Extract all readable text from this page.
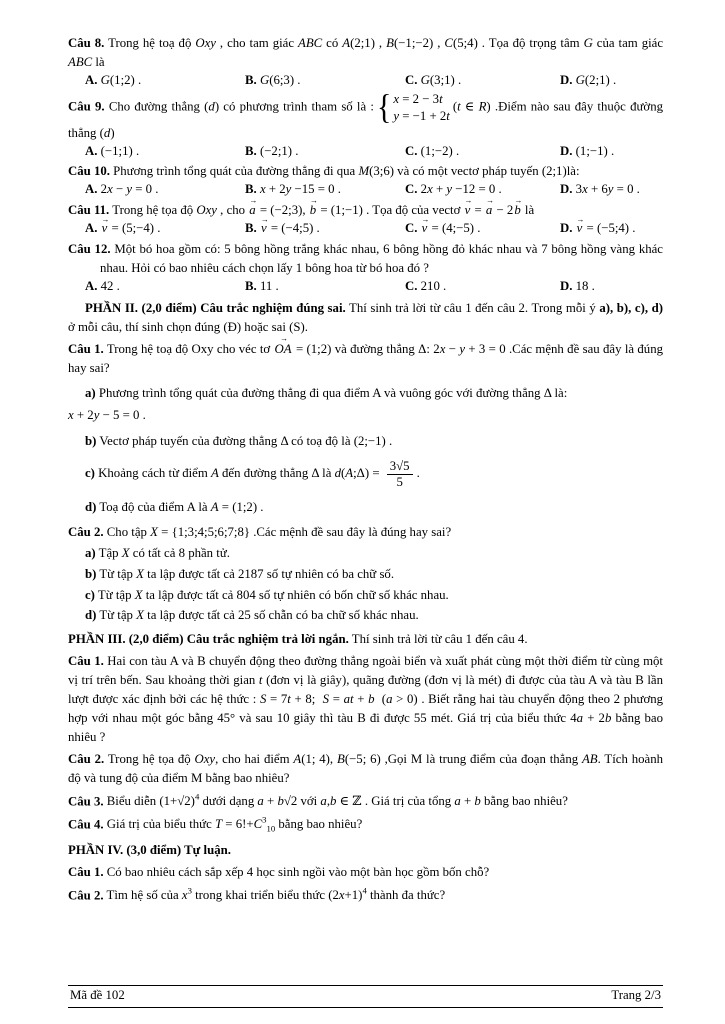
Câu 8. Trong hệ toạ độ Oxy , cho tam giác ABC có A(2;1) , B(−1;−2) , C(5;4) . Tọa độ trọng tâm G của tam giác ABC là

A. G(1;2) .	B. G(6;3) .	C. G(3;1) .	D. G(2;1) .

Câu 9. Cho đường thẳng (d) có phương trình tham số là : { x = 2 − 3t
y = −1 + 2t
(t ∈ R) .Điểm nào sau đây thuộc đường thẳng (d)

A. (−1;1) .	B. (−2;1) .	C. (1;−2) .	D. (1;−1) .

Câu 10. Phương trình tổng quát của đường thẳng đi qua M(3;6) và có một vectơ pháp tuyến (2;1)là:

A. 2x − y = 0 .	B. x + 2y −15 = 0 .	C. 2x + y −12 = 0 .	D. 3x + 6y = 0 .

Câu 11. Trong hệ tọa độ Oxy , cho a → = (−2;3), b → = (1;−1) . Tọa độ của vectơ v → = a → − 2b → là

A. v → = (5;−4) .	B. v → = (−4;5) .	C. v → = (4;−5) .	D. v → = (−5;4) .

Câu 12. Một bó hoa gồm có: 5 bông hồng trắng khác nhau, 6 bông hồng đỏ khác nhau và 7 bông hồng vàng khác nhau. Hỏi có bao nhiêu cách chọn lấy 1 bông hoa từ bó hoa đó ?

A. 42 .	B. 11 .	C. 210 .	D. 18 .

PHẦN II. (2,0 điểm) Câu trắc nghiệm đúng sai. Thí sinh trả lời từ câu 1 đến câu 2. Trong mỗi ý a), b), c), d) ở mỗi câu, thí sinh chọn đúng (Đ) hoặc sai (S).

Câu 1. Trong hệ toạ độ Oxy cho véc tơ OA → = (1;2) và đường thẳng Δ: 2x − y + 3 = 0 .Các mệnh đề sau đây là đúng hay sai?

a) Phương trình tổng quát của đường thẳng đi qua điểm A và vuông góc với đường thẳng Δ là:

x + 2y − 5 = 0 .

b) Vectơ pháp tuyến của đường thẳng Δ có toạ độ là (2;−1) .

c) Khoảng cách từ điểm A đến đường thẳng Δ là d(A;Δ) = $\frac{3√5}{5}$ .

d) Toạ độ của điểm A là A = (1;2) .

Câu 2. Cho tập X = {1;3;4;5;6;7;8} .Các mệnh đề sau đây là đúng hay sai?

a) Tập X có tất cả 8 phần tử.

b) Từ tập X ta lập được tất cả 2187 số tự nhiên có ba chữ số.

c) Từ tập X ta lập được tất cả 804 số tự nhiên có bốn chữ số khác nhau.

d) Từ tập X ta lập được tất cả 25 số chẵn có ba chữ số khác nhau.

PHẦN III. (2,0 điểm) Câu trắc nghiệm trả lời ngắn. Thí sinh trả lời từ câu 1 đến câu 4.

Câu 1. Hai con tàu A và B chuyển động theo đường thẳng ngoài biển và xuất phát cùng một thời điểm từ cùng một vị trí trên bến. Sau khoảng thời gian t (đơn vị là giây), quãng đường (đơn vị là mét) đi được của tàu A và tàu B lần lượt được xác định bởi các hệ thức : S = 7t + 8;  S = at + b  (a > 0) . Biết rằng hai tàu chuyển động theo 2 phương hợp với nhau một góc bằng 45° và sau 10 giây thì tàu B đi được 55 mét. Giá trị của biểu thức 4a + 2b bằng bao nhiêu ?

Câu 2. Trong hệ tọa độ Oxy, cho hai điểm A(1; 4), B(−5; 6) ,Gọi M là trung điểm của đoạn thẳng AB. Tích hoành độ và tung độ của điểm M bằng bao nhiêu?

Câu 3. Biểu diễn $(1+√2)^4$ dưới dạng a + b√2 với a,b ∈ ℤ . Giá trị của tổng a + b bằng bao nhiêu?

Câu 4. Giá trị của biểu thức $T = 6!+C^3_{10}$ bằng bao nhiêu?

PHẦN IV. (3,0 điểm) Tự luận.

Câu 1. Có bao nhiêu cách sắp xếp 4 học sinh ngồi vào một bàn học gồm bốn chỗ?

Câu 2. Tìm hệ số của $x^3$ trong khai triển biểu thức $(2x+1)^4$ thành đa thức?

Mã đề 102	Trang 2/3
